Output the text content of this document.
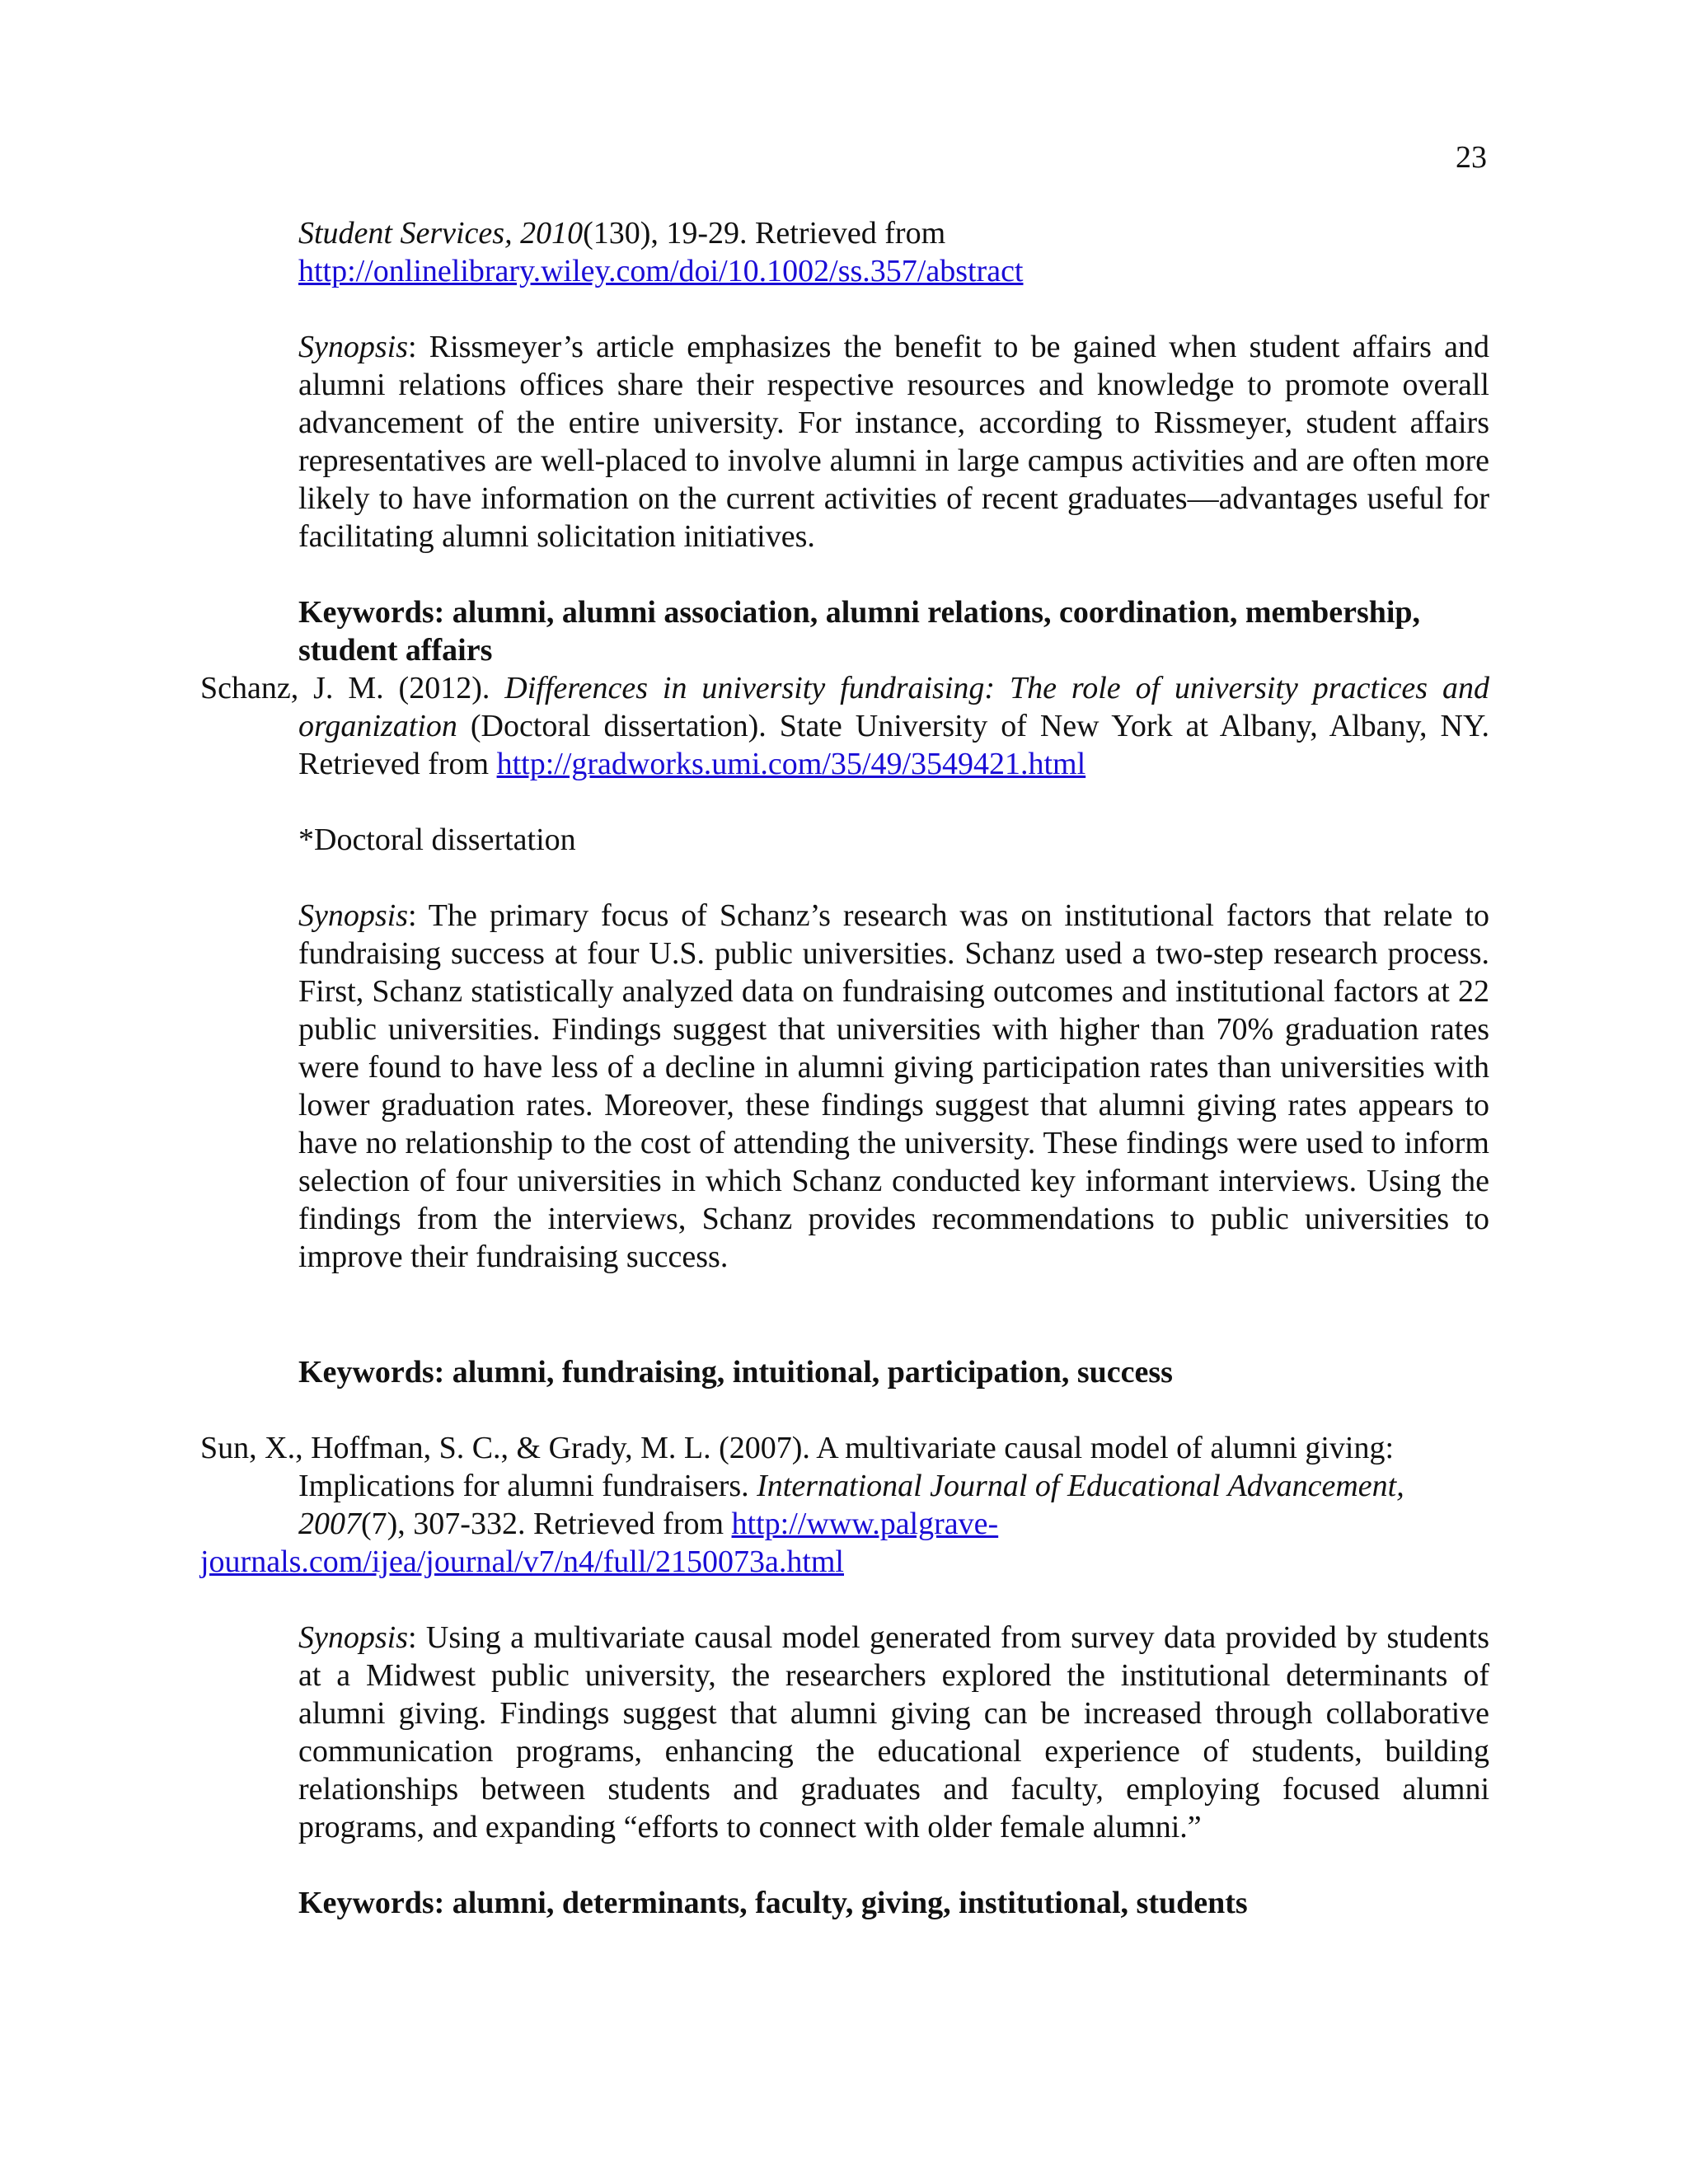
23
Student Services, 2010(130), 19-29. Retrieved from
http://onlinelibrary.wiley.com/doi/10.1002/ss.357/abstract

Synopsis: Rissmeyer’s article emphasizes the benefit to be gained when student affairs and alumni relations offices share their respective resources and knowledge to promote overall advancement of the entire university. For instance, according to Rissmeyer, student affairs representatives are well-placed to involve alumni in large campus activities and are often more likely to have information on the current activities of recent graduates—advantages useful for facilitating alumni solicitation initiatives.

Keywords: alumni, alumni association, alumni relations, coordination, membership, student affairs

Schanz, J. M. (2012). Differences in university fundraising: The role of university practices and organization (Doctoral dissertation). State University of New York at Albany, Albany, NY. Retrieved from http://gradworks.umi.com/35/49/3549421.html

*Doctoral dissertation

Synopsis: The primary focus of Schanz’s research was on institutional factors that relate to fundraising success at four U.S. public universities. Schanz used a two-step research process. First, Schanz statistically analyzed data on fundraising outcomes and institutional factors at 22 public universities. Findings suggest that universities with higher than 70% graduation rates were found to have less of a decline in alumni giving participation rates than universities with lower graduation rates. Moreover, these findings suggest that alumni giving rates appears to have no relationship to the cost of attending the university. These findings were used to inform selection of four universities in which Schanz conducted key informant interviews. Using the findings from the interviews, Schanz provides recommendations to public universities to improve their fundraising success.

Keywords: alumni, fundraising, intuitional, participation, success

Sun, X., Hoffman, S. C., & Grady, M. L. (2007). A multivariate causal model of alumni giving:
Implications for alumni fundraisers. International Journal of Educational Advancement,
2007(7), 307-332. Retrieved from http://www.palgrave-
journals.com/ijea/journal/v7/n4/full/2150073a.html

Synopsis: Using a multivariate causal model generated from survey data provided by students at a Midwest public university, the researchers explored the institutional determinants of alumni giving. Findings suggest that alumni giving can be increased through collaborative communication programs, enhancing the educational experience of students, building relationships between students and graduates and faculty, employing focused alumni programs, and expanding “efforts to connect with older female alumni.”

Keywords: alumni, determinants, faculty, giving, institutional, students
